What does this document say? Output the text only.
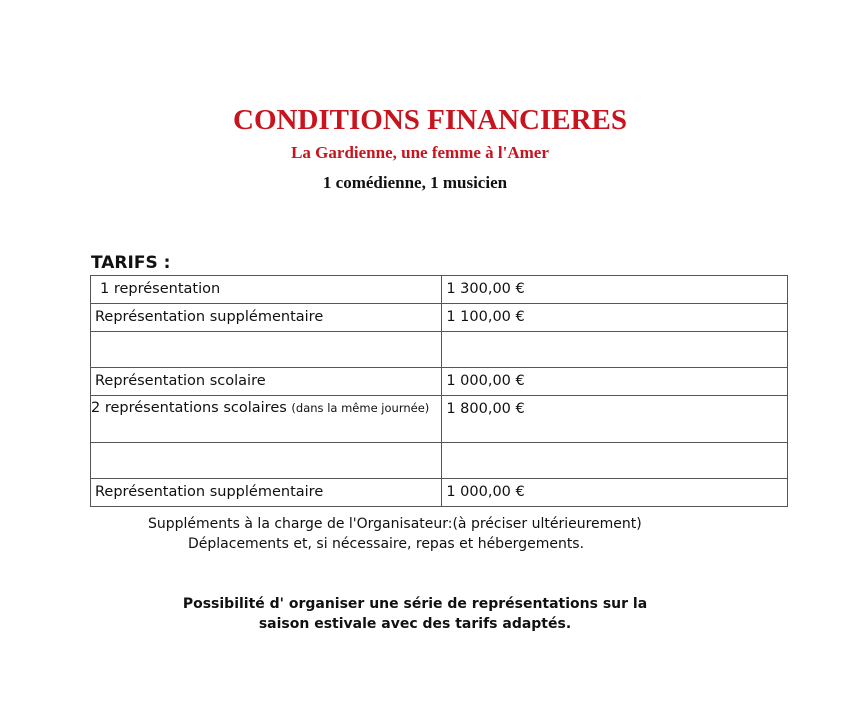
CONDITIONS FINANCIERES
La Gardienne, une femme à l'Amer
1 comédienne, 1 musicien
TARIFS :
1 représentation	1 300,00 €
Représentation supplémentaire	1 100,00 €

Représentation scolaire	1 000,00 €
2 représentations scolaires (dans la même journée)	1 800,00 €

Représentation supplémentaire	1 000,00 €
Suppléments à la charge de l'Organisateur:(à préciser ultérieurement)
Déplacements et, si nécessaire, repas et hébergements.
Possibilité d' organiser une série de représentations sur la
saison estivale avec des tarifs adaptés.
